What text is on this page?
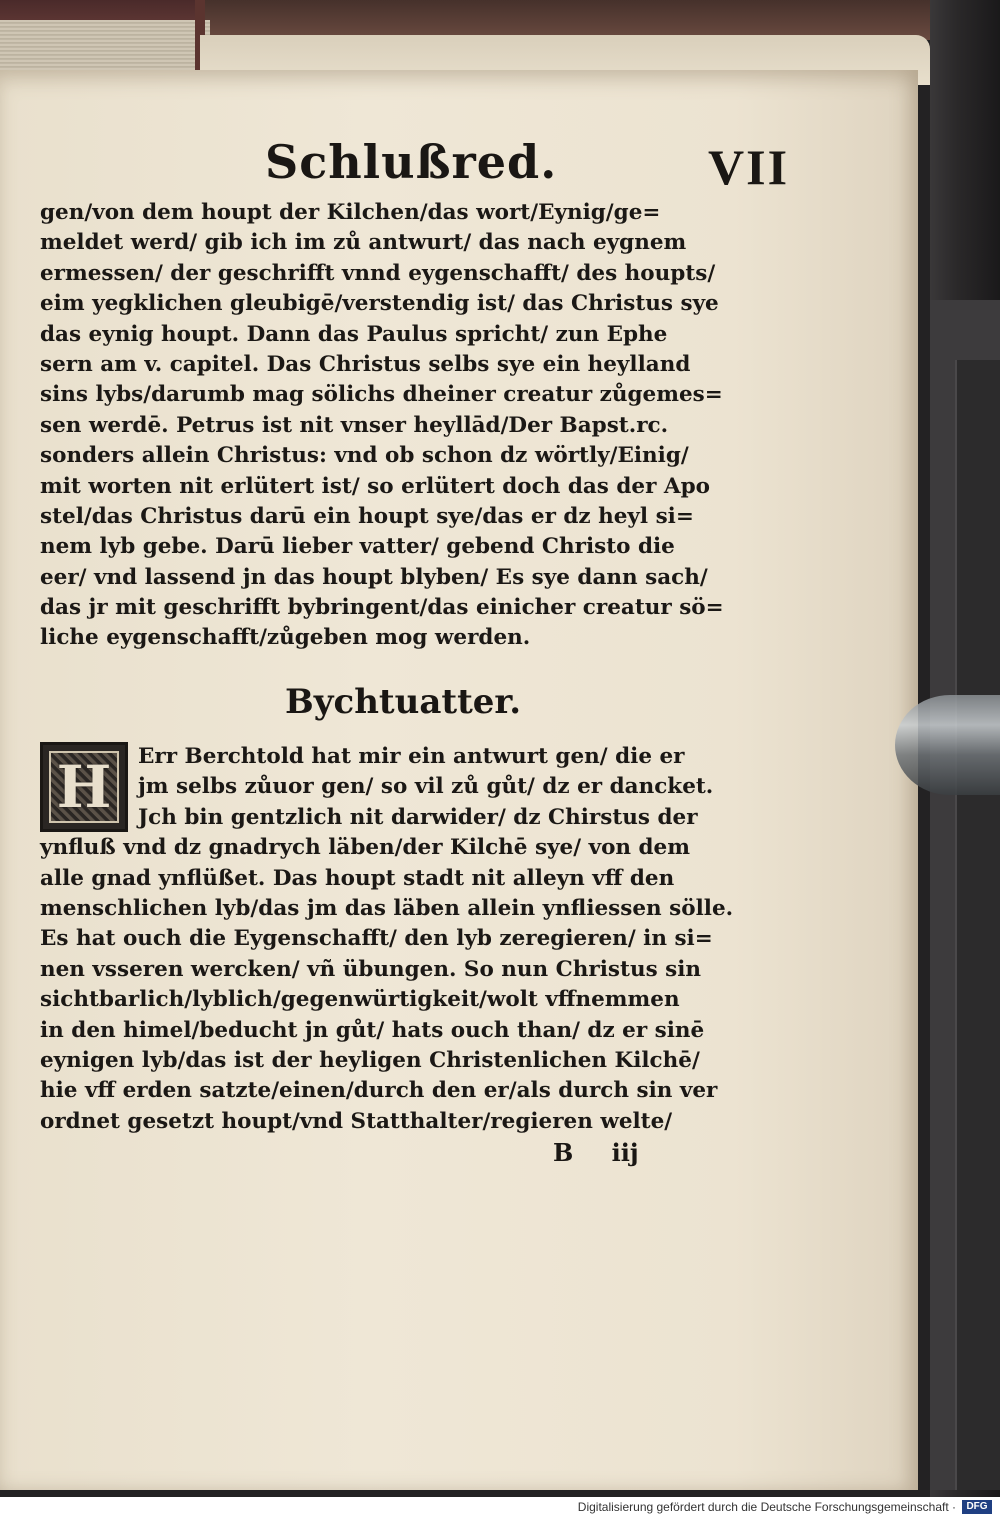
Schlußred.	VII
gen/von dem houpt der Kilchen/das wort/Eynig/ge=
meldet werd/ gib ich im zů antwurt/ das nach eygnem
ermessen/ der geschrifft vnnd eygenschafft/ des houpts/
eim yegklichen gleubigē/verstendig ist/ das Christus sye
das eynig houpt. Dann das Paulus spricht/ zun Ephe
sern am v. capitel. Das Christus selbs sye ein heylland
sins lybs/darumb mag sölichs dheiner creatur zůgemes=
sen werdē. Petrus ist nit vnser heyllād/Der Bapst.rc.
sonders allein Christus: vnd ob schon dz wörtly/Einig/
mit worten nit erlütert ist/ so erlütert doch das der Apo
stel/das Christus darū ein houpt sye/das er dz heyl si=
nem lyb gebe. Darū lieber vatter/ gebend Christo die
eer/ vnd lassend jn das houpt blyben/ Es sye dann sach/
das jr mit geschrifft bybringent/das einicher creatur sö=
liche eygenschafft/zůgeben mog werden.
Bychtuatter.
H	Err Berchtold hat mir ein antwurt gen/ die er
jm selbs zůuor gen/ so vil zů gůt/ dz er dancket.
Jch bin gentzlich nit darwider/ dz Chirstus der
ynfluß vnd dz gnadrych läben/der Kilchē sye/ von dem
alle gnad ynflüßet. Das houpt stadt nit alleyn vff den
menschlichen lyb/das jm das läben allein ynfliessen sölle.
Es hat ouch die Eygenschafft/ den lyb zeregieren/ in si=
nen vsseren wercken/ vñ übungen. So nun Christus sin
sichtbarlich/lyblich/gegenwürtigkeit/wolt vffnemmen
in den himel/beducht jn gůt/ hats ouch than/ dz er sinē
eynigen lyb/das ist der heyligen Christenlichen Kilchē/
hie vff erden satzte/einen/durch den er/als durch sin ver
ordnet gesetzt houpt/vnd Statthalter/regieren welte/
B iij
Digitalisierung gefördert durch die Deutsche Forschungsgemeinschaft ·	DFG
